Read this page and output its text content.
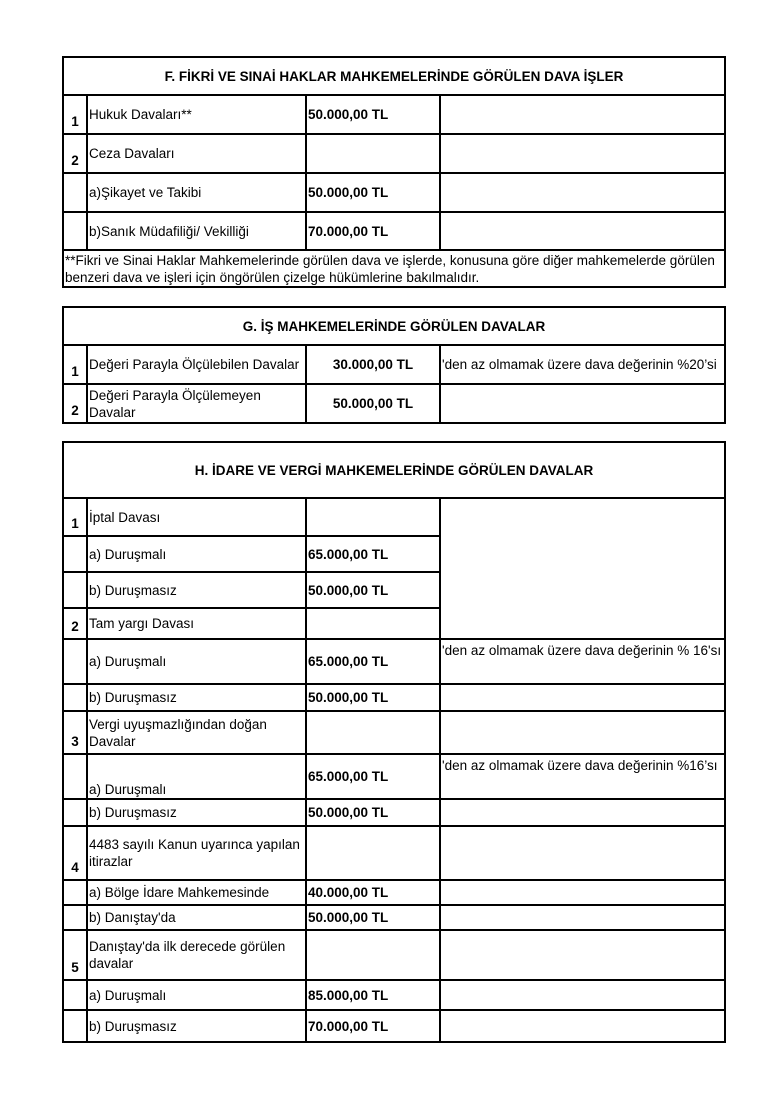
F. FİKRİ VE SINAİ HAKLAR MAHKEMELERİNDE GÖRÜLEN DAVA İŞLER			
1	Hukuk Davaları**	50.000,00 TL	
2	Ceza Davaları		
	a)Şikayet ve Takibi	50.000,00 TL	
	b)Sanık Müdafiliği/ Vekilliği	70.000,00 TL	
**Fikri ve Sinai Haklar Mahkemelerinde görülen dava ve işlerde, konusuna göre diğer mahkemelerde görülen benzeri dava ve işleri için öngörülen çizelge hükümlerine bakılmalıdır.			
G. İŞ MAHKEMELERİNDE GÖRÜLEN DAVALAR			
1	Değeri Parayla Ölçülebilen Davalar	30.000,00 TL	'den az olmamak üzere dava değerinin %20’si
2	Değeri Parayla Ölçülemeyen Davalar	50.000,00 TL	
H. İDARE VE VERGİ MAHKEMELERİNDE GÖRÜLEN DAVALAR			
1	İptal Davası		
	a) Duruşmalı	65.000,00 TL	
	b) Duruşmasız	50.000,00 TL	
2	Tam yargı Davası		
	a) Duruşmalı	65.000,00 TL	'den az olmamak üzere dava değerinin % 16'sı
	b) Duruşmasız	50.000,00 TL	
3	Vergi uyuşmazlığından doğan Davalar		
	a) Duruşmalı	65.000,00 TL	'den az olmamak üzere dava değerinin %16’sı
	b) Duruşmasız	50.000,00 TL	
4	4483 sayılı Kanun uyarınca yapılan itirazlar		
	a) Bölge İdare Mahkemesinde	40.000,00 TL	
	b) Danıştay'da	50.000,00 TL	
5	Danıştay'da ilk derecede görülen davalar		
	a) Duruşmalı	85.000,00 TL	
	b) Duruşmasız	70.000,00 TL	
